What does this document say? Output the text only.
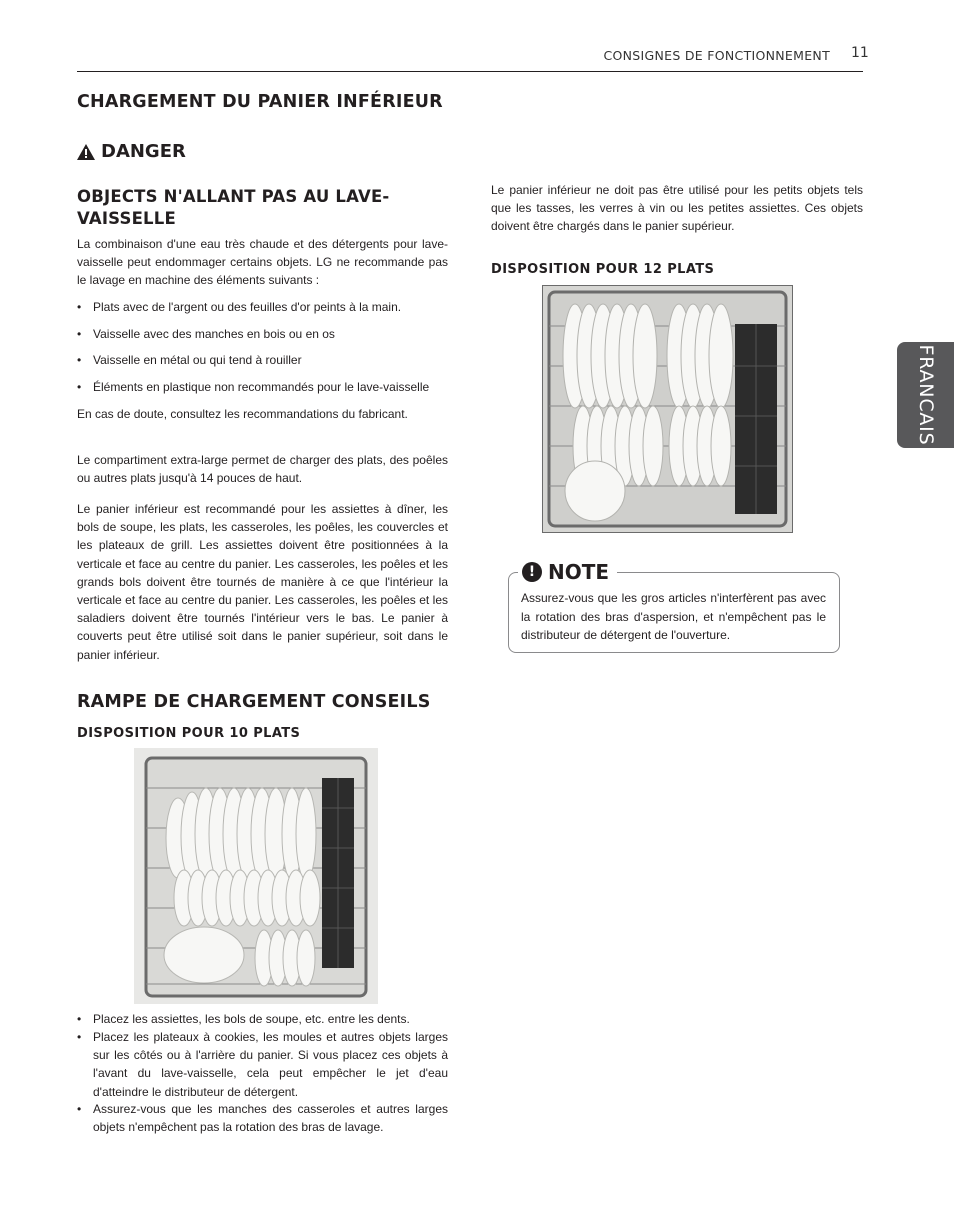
CONSIGNES DE FONCTIONNEMENT 11
FRANCAIS
CHARGEMENT DU PANIER INFÉRIEUR
DANGER
OBJECTS N'ALLANT PAS AU LAVE-VAISSELLE
La combinaison d'une eau très chaude et des détergents pour lave-vaisselle peut endommager certains objets. LG ne recommande pas le lavage en machine des éléments suivants :
• Plats avec de l'argent ou des feuilles d'or peints à la main.
• Vaisselle avec des manches en bois ou en os
• Vaisselle en métal ou qui tend à rouiller
• Éléments en plastique non recommandés pour le lave-vaisselle
En cas de doute, consultez les recommandations du fabricant.
Le compartiment extra-large permet de charger des plats, des poêles ou autres plats jusqu'à 14 pouces de haut.
Le panier inférieur est recommandé pour les assiettes à dîner, les bols de soupe, les plats, les casseroles, les poêles, les couvercles et les plateaux de grill. Les assiettes doivent être positionnées à la verticale et face au centre du panier. Les casseroles, les poêles et les grands bols doivent être tournés de manière à ce que l'intérieur la verticale et face au centre du panier. Les casseroles, les poêles et les saladiers doivent être tournés l'intérieur vers le bas. Le panier à couverts peut être utilisé soit dans le panier supérieur, soit dans le panier inférieur.
RAMPE DE CHARGEMENT CONSEILS
DISPOSITION POUR 10 PLATS
• Placez les assiettes, les bols de soupe, etc. entre les dents.
• Placez les plateaux à cookies, les moules et autres objets larges sur les côtés ou à l'arrière du panier. Si vous placez ces objets à l'avant du lave-vaisselle, cela peut empêcher le jet d'eau d'atteindre le distributeur de détergent.
• Assurez-vous que les manches des casseroles et autres larges objets n'empêchent pas la rotation des bras de lavage.
Le panier inférieur ne doit pas être utilisé pour les petits objets tels que les tasses, les verres à vin ou les petites assiettes. Ces objets doivent être chargés dans le panier supérieur.
DISPOSITION POUR 12 PLATS
! NOTE
Assurez-vous que les gros articles n'interfèrent pas avec la rotation des bras d'aspersion, et n'empêchent pas le distributeur de détergent de l'ouverture.
